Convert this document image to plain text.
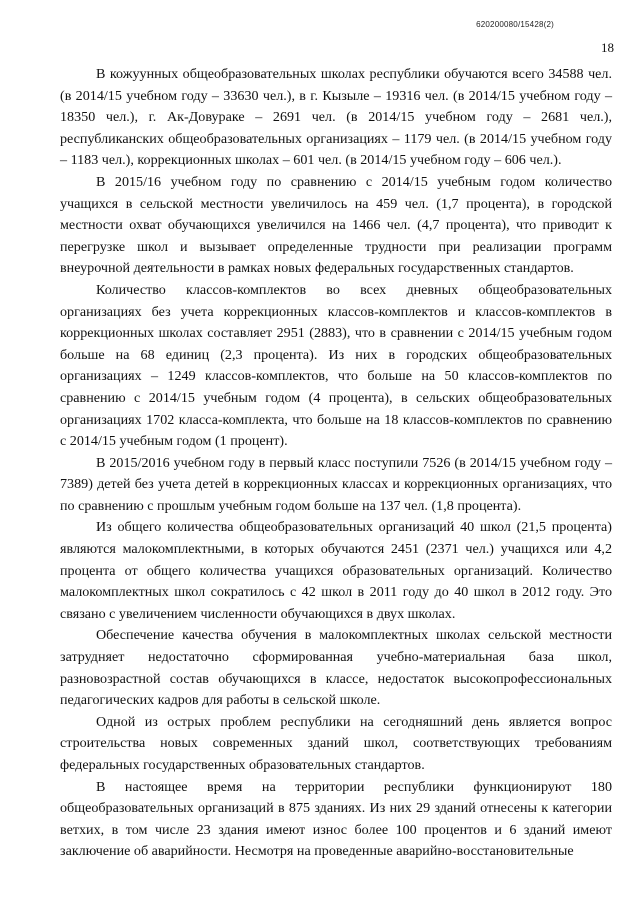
620200080/15428(2)
18

В кожуунных общеобразовательных школах республики обучаются всего 34588 чел. (в 2014/15 учебном году – 33630 чел.), в г. Кызыле – 19316 чел. (в 2014/15 учебном году – 18350 чел.), г. Ак-Довураке – 2691 чел. (в 2014/15 учебном году – 2681 чел.), республиканских общеобразовательных организациях – 1179 чел. (в 2014/15 учебном году – 1183 чел.), коррекционных школах – 601 чел. (в 2014/15 учебном году – 606 чел.).

В 2015/16 учебном году по сравнению с 2014/15 учебным годом количество учащихся в сельской местности увеличилось на 459 чел. (1,7 процента), в городской местности охват обучающихся увеличился на 1466 чел. (4,7 процента), что приводит к перегрузке школ и вызывает определенные трудности при реализации программ внеурочной деятельности в рамках новых федеральных государственных стандартов.

Количество классов-комплектов во всех дневных общеобразовательных организациях без учета коррекционных классов-комплектов и классов-комплектов в коррекционных школах составляет 2951 (2883), что в сравнении с 2014/15 учебным годом больше на 68 единиц (2,3 процента). Из них в городских общеобразовательных организациях – 1249 классов-комплектов, что больше на 50 классов-комплектов по сравнению с 2014/15 учебным годом (4 процента), в сельских общеобразовательных организациях 1702 класса-комплекта, что больше на 18 классов-комплектов по сравнению с 2014/15 учебным годом (1 процент).

В 2015/2016 учебном году в первый класс поступили 7526 (в 2014/15 учебном году – 7389) детей без учета детей в коррекционных классах и коррекционных организациях, что по сравнению с прошлым учебным годом больше на 137 чел. (1,8 процента).

Из общего количества общеобразовательных организаций 40 школ (21,5 процента) являются малокомплектными, в которых обучаются 2451 (2371 чел.) учащихся или 4,2 процента от общего количества учащихся образовательных организаций. Количество малокомплектных школ сократилось с 42 школ в 2011 году до 40 школ в 2012 году. Это связано с увеличением численности обучающихся в двух школах.

Обеспечение качества обучения в малокомплектных школах сельской местности затрудняет недостаточно сформированная учебно-материальная база школ, разновозрастной состав обучающихся в классе, недостаток высокопрофессиональных педагогических кадров для работы в сельской школе.

Одной из острых проблем республики на сегодняшний день является вопрос строительства новых современных зданий школ, соответствующих требованиям федеральных государственных образовательных стандартов.

В настоящее время на территории республики функционируют 180 общеобразовательных организаций в 875 зданиях. Из них 29 зданий отнесены к категории ветхих, в том числе 23 здания имеют износ более 100 процентов и 6 зданий имеют заключение об аварийности. Несмотря на проведенные аварийно-восстановительные
